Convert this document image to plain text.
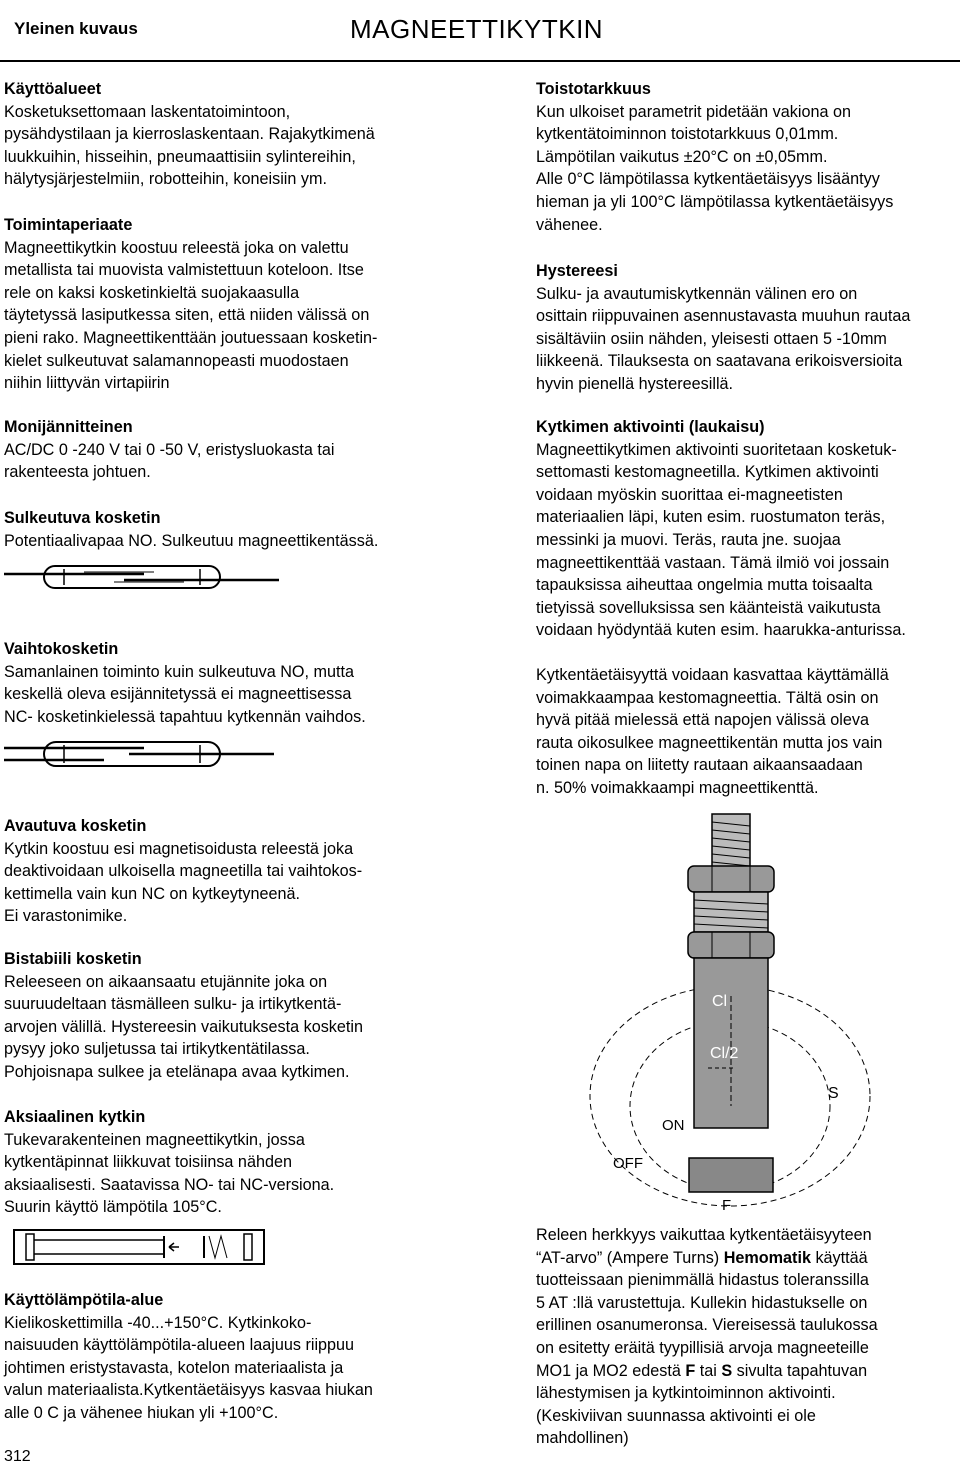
Yleinen kuvaus	MAGNEETTIKYTKIN
Käyttöalueet
Kosketuksettomaan laskentatoimintoon,
pysähdystilaan ja kierroslaskentaan. Rajakytkimenä
luukkuihin, hisseihin, pneumaattisiin sylintereihin,
hälytysjärjestelmiin, robotteihin, koneisiin ym.
Toimintaperiaate
Magneettikytkin koostuu releestä joka on valettu
metallista tai muovista valmistettuun koteloon. Itse
rele on kaksi kosketinkieltä suojakaasulla
täytetyssä lasiputkessa siten, että niiden välissä on
pieni rako. Magneettikenttään joutuessaan kosketin-
kielet sulkeutuvat salamannopeasti muodostaen
niihin liittyvän virtapiirin
Monijännitteinen
AC/DC 0 -240 V tai 0 -50 V, eristysluokasta tai
rakenteesta johtuen.
Sulkeutuva kosketin
Potentiaalivapaa NO. Sulkeutuu magneettikentässä.
Vaihtokosketin
Samanlainen toiminto kuin sulkeutuva NO, mutta
keskellä oleva esijännitetyssä ei magneettisessa
NC- kosketinkielessä tapahtuu kytkennän vaihdos.
Avautuva kosketin
Kytkin koostuu esi magnetisoidusta releestä joka
deaktivoidaan ulkoisella magneetilla tai vaihtokos-
kettimella vain kun NC on kytkeytyneenä.
Ei varastonimike.
Bistabiili kosketin
Releeseen on aikaansaatu etujännite joka on
suuruudeltaan täsmälleen sulku- ja irtikytkentä-
arvojen välillä. Hystereesin vaikutuksesta kosketin
pysyy joko suljetussa tai irtikytkentätilassa.
Pohjoisnapa sulkee ja etelänapa avaa kytkimen.
Aksiaalinen kytkin
Tukevarakenteinen magneettikytkin, jossa
kytkentäpinnat liikkuvat toisiinsa nähden
aksiaalisesti. Saatavissa NO- tai NC-versiona.
Suurin käyttö lämpötila 105°C.
Käyttölämpötila-alue
Kielikoskettimilla -40...+150°C. Kytkinkoko-
naisuuden käyttölämpötila-alueen laajuus riippuu
johtimen eristystavasta, kotelon materiaalista ja
valun materiaalista.Kytkentäetäisyys kasvaa hiukan
alle 0 C ja vähenee hiukan yli +100°C.
Toistotarkkuus
Kun ulkoiset parametrit pidetään vakiona on
kytkentätoiminnon toistotarkkuus 0,01mm.
Lämpötilan vaikutus ±20°C on ±0,05mm.
Alle 0°C lämpötilassa kytkentäetäisyys lisääntyy
hieman ja yli 100°C lämpötilassa kytkentäetäisyys
vähenee.
Hystereesi
Sulku- ja avautumiskytkennän välinen ero on
osittain riippuvainen asennustavasta muuhun rautaa
sisältäviin osiin nähden, yleisesti ottaen 5 -10mm
liikkeenä. Tilauksesta on saatavana erikoisversioita
hyvin pienellä hystereesillä.
Kytkimen aktivointi (laukaisu)
Magneettikytkimen aktivointi suoritetaan kosketuk-
settomasti kestomagneetilla. Kytkimen aktivointi
voidaan myöskin suorittaa ei-magneetisten
materiaalien läpi, kuten esim. ruostumaton teräs,
messinki ja muovi. Teräs, rauta jne. suojaa
magneettikenttää vastaan. Tämä ilmiö voi jossain
tapauksissa aiheuttaa ongelmia mutta toisaalta
tietyissä sovelluksissa sen käänteistä vaikutusta
voidaan hyödyntää kuten esim. haarukka-anturissa.
Kytkentäetäisyyttä voidaan kasvattaa käyttämällä
voimakkaampaa kestomagneettia. Tältä osin on
hyvä pitää mielessä että napojen välissä oleva
rauta oikosulkee magneettikentän mutta jos vain
toinen napa on liitetty rautaan aikaansaadaan
n. 50% voimakkaampi magneettikenttä.
Releen herkkyys vaikuttaa kytkentäetäisyyteen
“AT-arvo” (Ampere Turns) Hemomatik käyttää
tuotteissaan pienimmällä hidastus toleranssilla
5 AT :llä varustettuja. Kullekin hidastukselle on
erillinen osanumeronsa. Viereisessä taulukossa
on esitetty eräitä tyypillisiä arvoja magneeteille
MO1 ja MO2 edestä F tai S sivulta tapahtuvan
lähestymisen ja kytkintoiminnon aktivointi.
(Keskiviivan suunnassa aktivointi ei ole
mahdollinen)
Cl
Cl/2
S
ON
OFF
F
312
